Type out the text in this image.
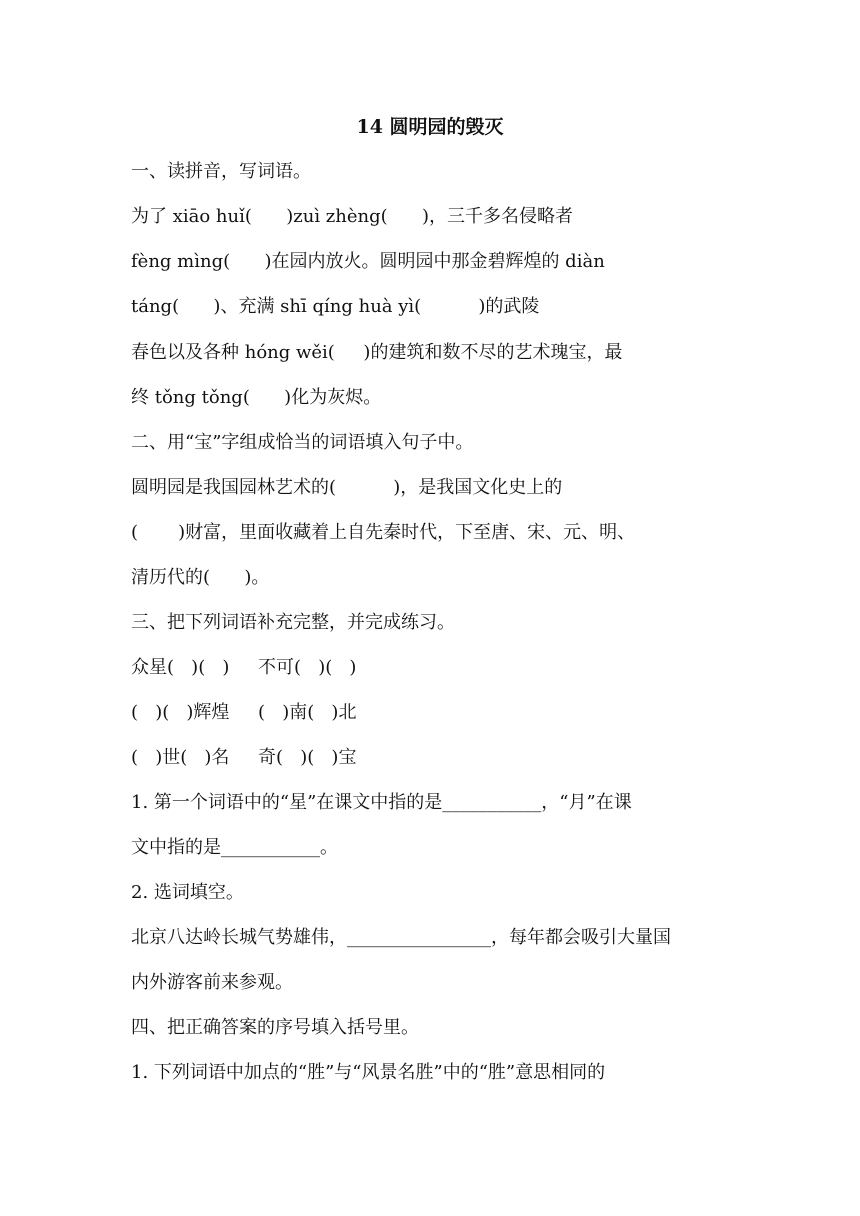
14 圆明园的毁灭

一、读拼音，写词语。

为了 xiāo huǐ(      )zuì zhèng(      )，三千多名侵略者

fèng mìng(      )在园内放火。圆明园中那金碧辉煌的 diàn

táng(      )、充满 shī qíng huà yì(          )的武陵

春色以及各种 hóng wěi(     )的建筑和数不尽的艺术瑰宝，最

终 tǒng tǒng(      )化为灰烬。

二、用“宝”字组成恰当的词语填入句子中。

圆明园是我国园林艺术的(          )，是我国文化史上的

(       )财富，里面收藏着上自先秦时代，下至唐、宋、元、明、

清历代的(      )。

三、把下列词语补充完整，并完成练习。

众星(   )(   )     不可(   )(   )

(   )(   )辉煌     (   )南(   )北

(   )世(   )名     奇(   )(   )宝

1. 第一个词语中的“星”在课文中指的是___________，“月”在课

文中指的是___________。

2. 选词填空。

北京八达岭长城气势雄伟，________________，每年都会吸引大量国

内外游客前来参观。

四、把正确答案的序号填入括号里。

1. 下列词语中加点的“胜”与“风景名胜”中的“胜”意思相同的
